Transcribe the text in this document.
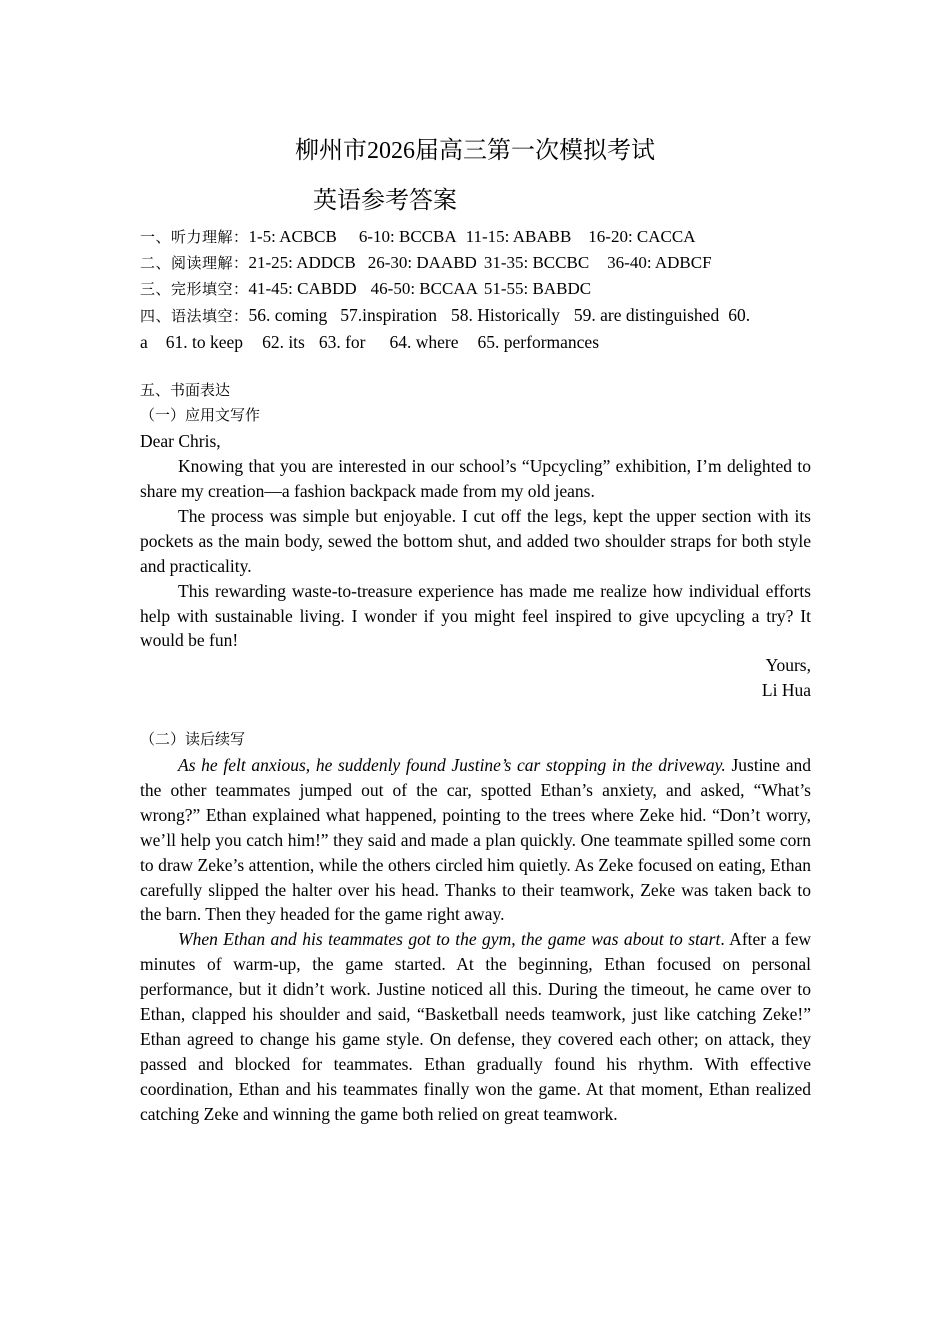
柳州市2026届高三第一次模拟考试
英语参考答案
一、听力理解：1-5: ACBCB 6-10: BCCBA 11-15: ABABB 16-20: CACCA
二、阅读理解：21-25: ADDCB 26-30: DAABD 31-35: BCCBC 36-40: ADBCF
三、完形填空：41-45: CABDD 46-50: BCCAA 51-55: BABDC
四、语法填空：56. coming 57.inspiration 58. Historically 59. are distinguished 60.
a 61. to keep 62. its 63. for 64. where 65. performances
五、书面表达
（一）应用文写作

Dear Chris,

Knowing that you are interested in our school’s “Upcycling” exhibition, I’m delighted to share my creation—a fashion backpack made from my old jeans.

The process was simple but enjoyable. I cut off the legs, kept the upper section with its pockets as the main body, sewed the bottom shut, and added two shoulder straps for both style and practicality.

This rewarding waste-to-treasure experience has made me realize how individual efforts help with sustainable living. I wonder if you might feel inspired to give upcycling a try? It would be fun!

Yours,

Li Hua

（二）读后续写

As he felt anxious, he suddenly found Justine’s car stopping in the driveway. Justine and the other teammates jumped out of the car, spotted Ethan’s anxiety, and asked, “What’s wrong?” Ethan explained what happened, pointing to the trees where Zeke hid. “Don’t worry, we’ll help you catch him!” they said and made a plan quickly. One teammate spilled some corn to draw Zeke’s attention, while the others circled him quietly. As Zeke focused on eating, Ethan carefully slipped the halter over his head. Thanks to their teamwork, Zeke was taken back to the barn. Then they headed for the game right away.

When Ethan and his teammates got to the gym, the game was about to start. After a few minutes of warm-up, the game started. At the beginning, Ethan focused on personal performance, but it didn’t work. Justine noticed all this. During the timeout, he came over to Ethan, clapped his shoulder and said, “Basketball needs teamwork, just like catching Zeke!” Ethan agreed to change his game style. On defense, they covered each other; on attack, they passed and blocked for teammates. Ethan gradually found his rhythm. With effective coordination, Ethan and his teammates finally won the game. At that moment, Ethan realized catching Zeke and winning the game both relied on great teamwork.
